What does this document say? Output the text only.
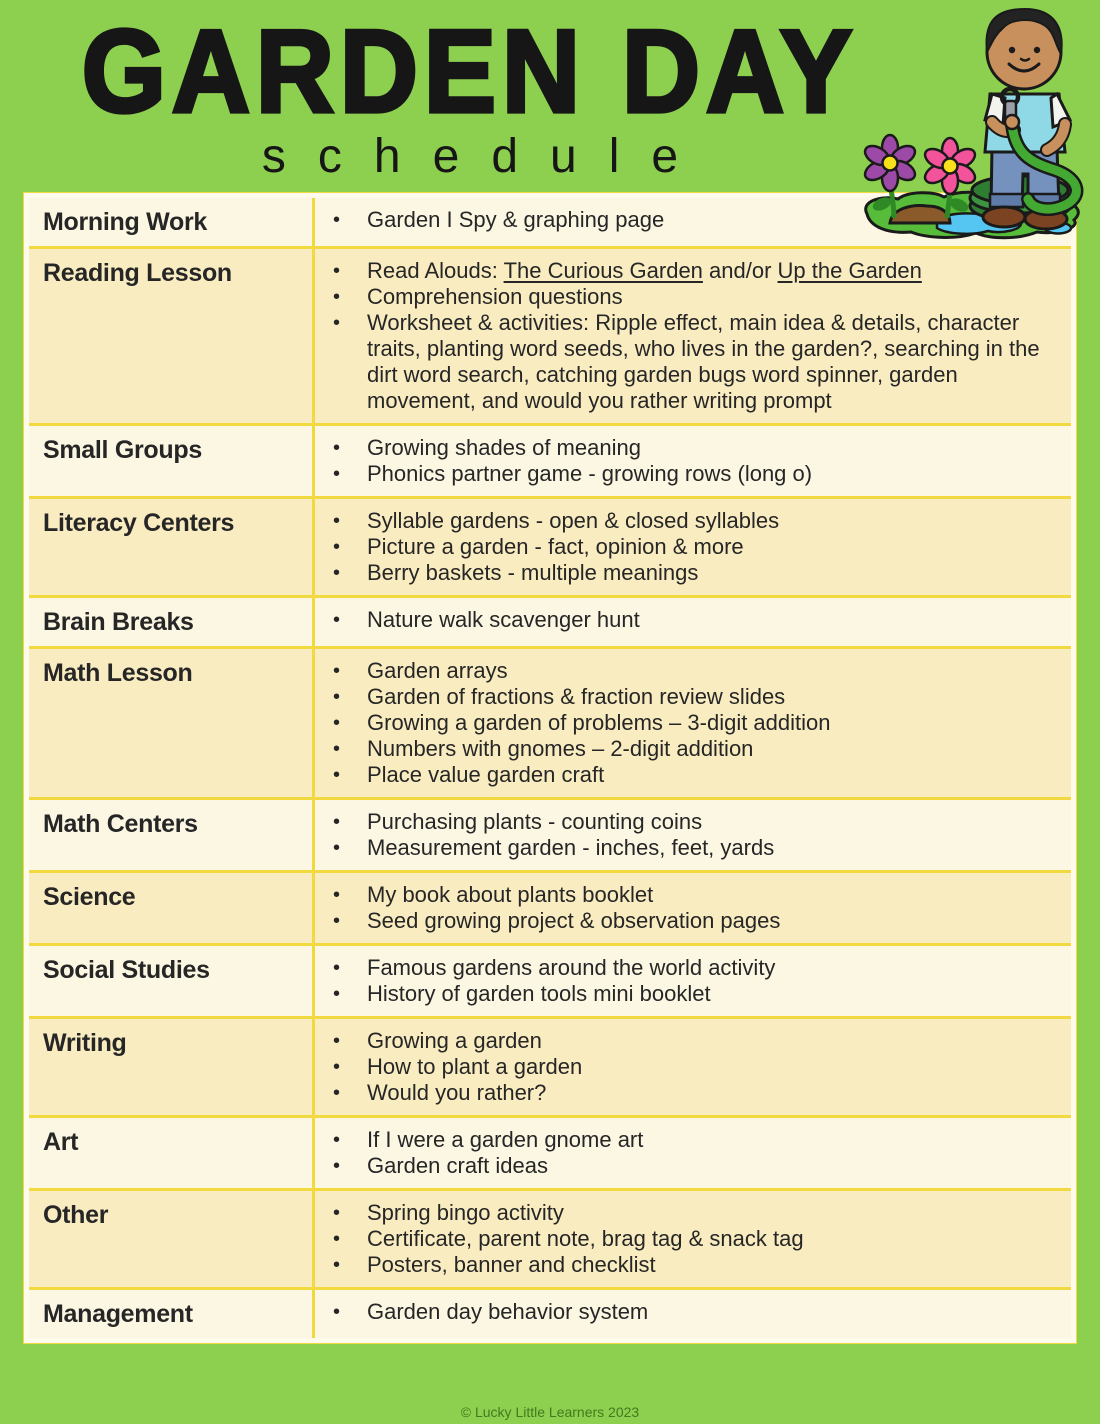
GARDEN DAY
schedule
Morning Work	•	Garden I Spy & graphing page
Reading Lesson	•	Read Alouds: The Curious Garden and/or Up the Garden
•	Comprehension questions
•	Worksheet & activities: Ripple effect, main idea & details, character traits, planting word seeds, who lives in the garden?, searching in the dirt word search, catching garden bugs word spinner, garden movement, and would you rather writing prompt
Small Groups	•	Growing shades of meaning
•	Phonics partner game - growing rows (long o)
Literacy Centers	•	Syllable gardens - open & closed syllables
•	Picture a garden - fact, opinion & more
•	Berry baskets - multiple meanings
Brain Breaks	•	Nature walk scavenger hunt
Math Lesson	•	Garden arrays
•	Garden of fractions & fraction review slides
•	Growing a garden of problems – 3-digit addition
•	Numbers with gnomes – 2-digit addition
•	Place value garden craft
Math Centers	•	Purchasing plants - counting coins
•	Measurement garden - inches, feet, yards
Science	•	My book about plants booklet
•	Seed growing project & observation pages
Social Studies	•	Famous gardens around the world activity
•	History of garden tools mini booklet
Writing	•	Growing a garden
•	How to plant a garden
•	Would you rather?
Art	•	If I were a garden gnome art
•	Garden craft ideas
Other	•	Spring bingo activity
•	Certificate, parent note, brag tag & snack tag
•	Posters, banner and checklist
Management	•	Garden day behavior system
© Lucky Little Learners 2023
